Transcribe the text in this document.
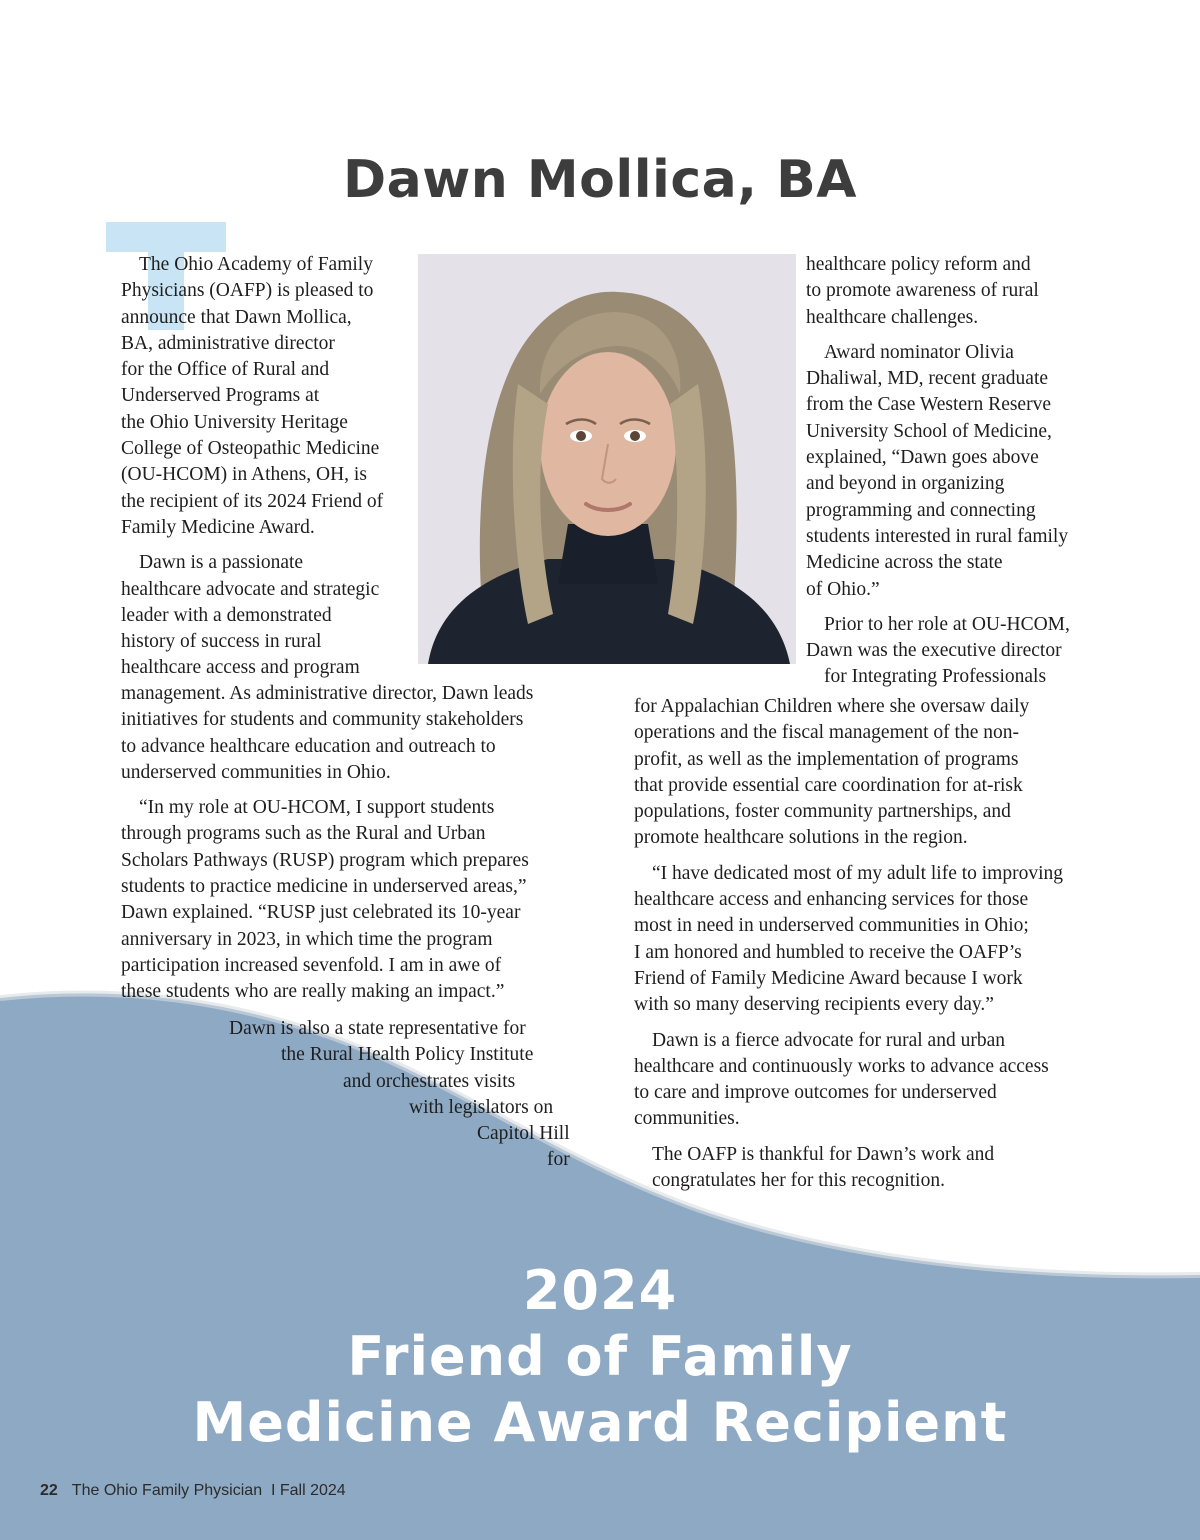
Dawn Mollica, BA

The Ohio Academy of Family
Physicians (OAFP) is pleased to
announce that Dawn Mollica,
BA, administrative director
for the Office of Rural and
Underserved Programs at
the Ohio University Heritage
College of Osteopathic Medicine
(OU-HCOM) in Athens, OH, is
the recipient of its 2024 Friend of
Family Medicine Award.

Dawn is a passionate
healthcare advocate and strategic
leader with a demonstrated
history of success in rural
healthcare access and program

management. As administrative director, Dawn leads
initiatives for students and community stakeholders
to advance healthcare education and outreach to
underserved communities in Ohio.

“In my role at OU-HCOM, I support students
through programs such as the Rural and Urban
Scholars Pathways (RUSP) program which prepares
students to practice medicine in underserved areas,”
Dawn explained. “RUSP just celebrated its 10-year
anniversary in 2023, in which time the program
participation increased sevenfold. I am in awe of
these students who are really making an impact.”

Dawn is also a state representative for
the Rural Health Policy Institute
and orchestrates visits
with legislators on
Capitol Hill
for

healthcare policy reform and
to promote awareness of rural
healthcare challenges.

Award nominator Olivia
Dhaliwal, MD, recent graduate
from the Case Western Reserve
University School of Medicine,
explained, “Dawn goes above
and beyond in organizing
programming and connecting
students interested in rural family
Medicine across the state
of Ohio.”

Prior to her role at OU-HCOM,
Dawn was the executive director
for Integrating Professionals

for Appalachian Children where she oversaw daily
operations and the fiscal management of the non-
profit, as well as the implementation of programs
that provide essential care coordination for at-risk
populations, foster community partnerships, and
promote healthcare solutions in the region.

“I have dedicated most of my adult life to improving
healthcare access and enhancing services for those
most in need in underserved communities in Ohio;
I am honored and humbled to receive the OAFP’s
Friend of Family Medicine Award because I work
with so many deserving recipients every day.”

Dawn is a fierce advocate for rural and urban
healthcare and continuously works to advance access
to care and improve outcomes for underserved
communities.

The OAFP is thankful for Dawn’s work and
congratulates her for this recognition.

2024
Friend of Family
Medicine Award Recipient
22 The Ohio Family Physician  I Fall 2024
